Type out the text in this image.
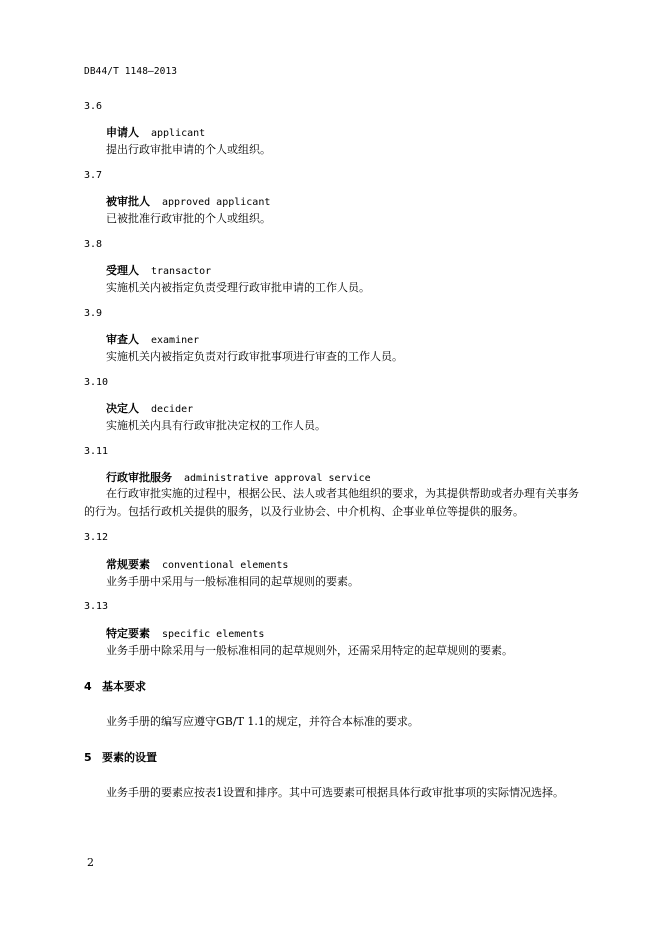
DB44/T 1148—2013
3.6
申请人 applicant
提出行政审批申请的个人或组织。
3.7
被审批人 approved applicant
已被批准行政审批的个人或组织。
3.8
受理人 transactor
实施机关内被指定负责受理行政审批申请的工作人员。
3.9
审查人 examiner
实施机关内被指定负责对行政审批事项进行审查的工作人员。
3.10
决定人 decider
实施机关内具有行政审批决定权的工作人员。
3.11
行政审批服务 administrative approval service
在行政审批实施的过程中，根据公民、法人或者其他组织的要求，为其提供帮助或者办理有关事务的行为。包括行政机关提供的服务，以及行业协会、中介机构、企事业单位等提供的服务。
3.12
常规要素 conventional elements
业务手册中采用与一般标准相同的起草规则的要素。
3.13
特定要素 specific elements
业务手册中除采用与一般标准相同的起草规则外，还需采用特定的起草规则的要素。
4 基本要求
业务手册的编写应遵守GB/T 1.1的规定，并符合本标准的要求。
5 要素的设置
业务手册的要素应按表1设置和排序。其中可选要素可根据具体行政审批事项的实际情况选择。
2
